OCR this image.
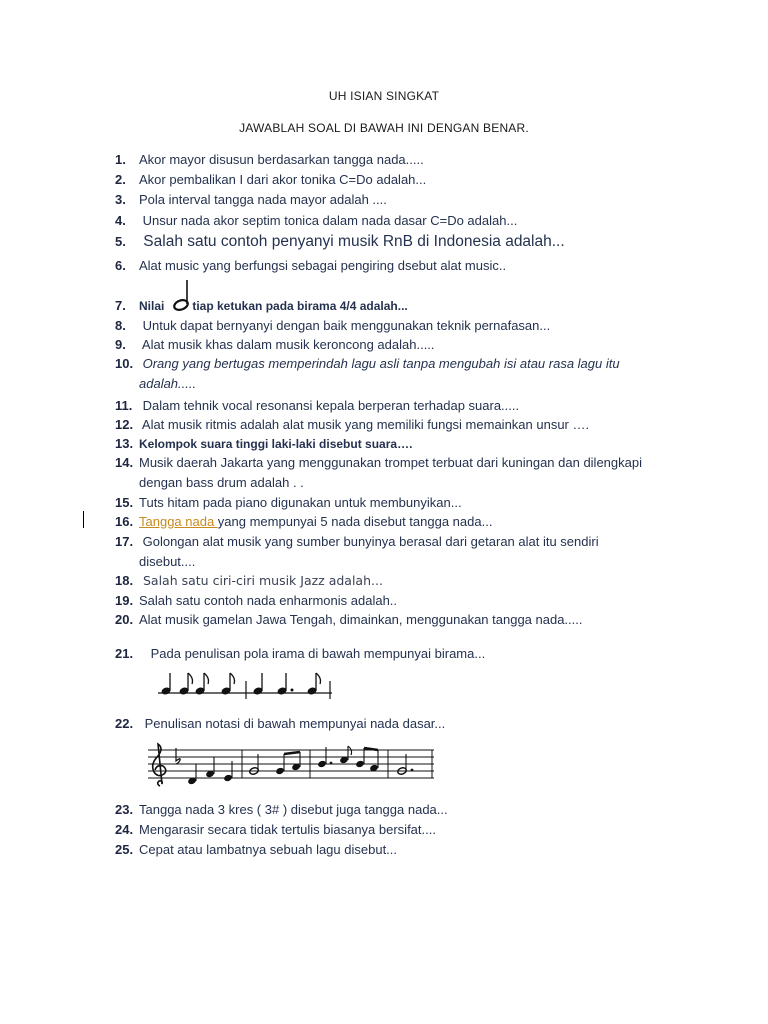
UH ISIAN SINGKAT
JAWABLAH SOAL DI BAWAH INI DENGAN BENAR.
1. Akor mayor disusun berdasarkan tangga nada.....
2. Akor pembalikan I dari akor tonika C=Do adalah...
3. Pola interval tangga nada mayor adalah ....
4. Unsur nada akor septim tonica dalam nada dasar C=Do adalah...
5. Salah satu contoh penyanyi musik RnB di Indonesia adalah...
6. Alat music yang berfungsi sebagai pengiring dsebut alat music..
7. Nilai tiap ketukan pada birama 4/4 adalah...
8. Untuk dapat bernyanyi dengan baik menggunakan teknik pernafasan...
9. Alat musik khas dalam musik keroncong adalah.....
10. Orang yang bertugas memperindah lagu asli tanpa mengubah isi atau rasa lagu itu
adalah.....
11. Dalam tehnik vocal resonansi kepala berperan terhadap suara.....
12. Alat musik ritmis adalah alat musik yang memiliki fungsi memainkan unsur ….
13. Kelompok suara tinggi laki-laki disebut suara….
14. Musik daerah Jakarta yang menggunakan trompet terbuat dari kuningan dan dilengkapi
dengan bass drum adalah . .
15. Tuts hitam pada piano digunakan untuk membunyikan...
16. Tangga nada yang mempunyai 5 nada disebut tangga nada...
17. Golongan alat musik yang sumber bunyinya berasal dari getaran alat itu sendiri
disebut....
18. Salah satu ciri-ciri musik Jazz adalah...
19. Salah satu contoh nada enharmonis adalah..
20. Alat musik gamelan Jawa Tengah, dimainkan, menggunakan tangga nada.....
21. Pada penulisan pola irama di bawah mempunyai birama...
22. Penulisan notasi di bawah mempunyai nada dasar...
23. Tangga nada 3 kres ( 3# ) disebut juga tangga nada...
24. Mengarasir secara tidak tertulis biasanya bersifat....
25. Cepat atau lambatnya sebuah lagu disebut...
